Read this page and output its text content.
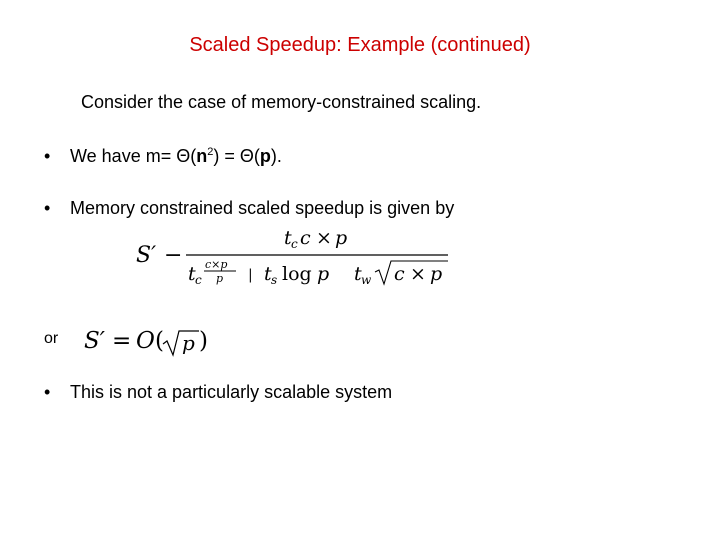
Scaled Speedup: Example (continued)
Consider the case of memory-constrained scaling.
• We have $m= \Theta(n^2) = \Theta(p)$.
• Memory constrained scaled speedup is given by
S′ −
t c c × p
t c
c×p
p | t s log p t w c × p
or S′ = O ( p )
• This is not a particularly scalable system
